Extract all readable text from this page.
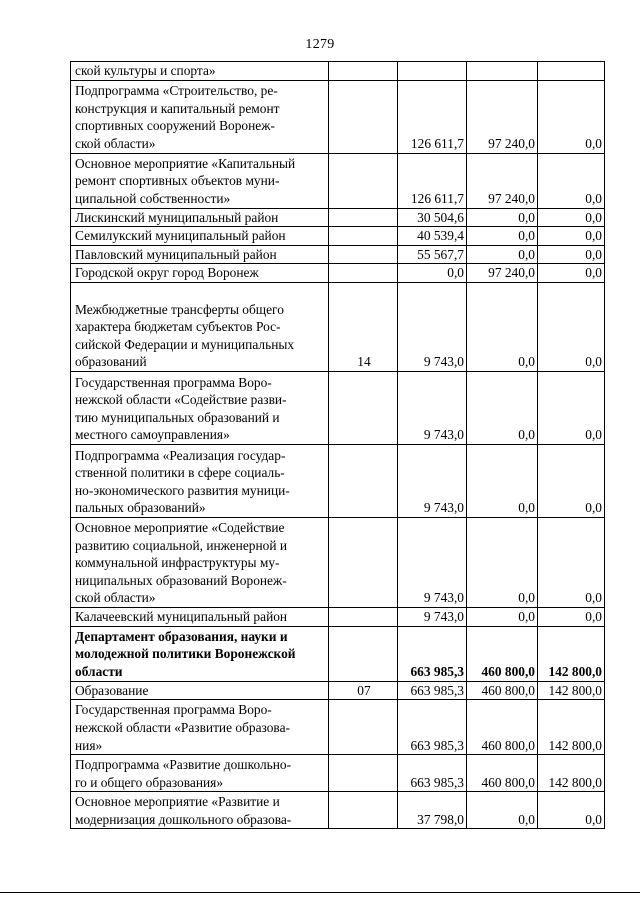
1279
ской культуры и спорта»				
Подпрограмма «Строительство, ре-
конструкция и капитальный ремонт
спортивных сооружений Воронеж-
ской области»		126 611,7	97 240,0	0,0
Основное мероприятие «Капитальный
ремонт спортивных объектов муни-
ципальной собственности»		126 611,7	97 240,0	0,0
Лискинский муниципальный район		30 504,6	0,0	0,0
Семилукский муниципальный район		40 539,4	0,0	0,0
Павловский муниципальный район		55 567,7	0,0	0,0
Городской округ город Воронеж		0,0	97 240,0	0,0
Межбюджетные трансферты общего
характера бюджетам субъектов Рос-
сийской Федерации и муниципальных
образований	14	9 743,0	0,0	0,0
Государственная программа Воро-
нежской области «Содействие разви-
тию муниципальных образований и
местного самоуправления»		9 743,0	0,0	0,0
Подпрограмма «Реализация государ-
ственной политики в сфере социаль-
но-экономического развития муници-
пальных образований»		9 743,0	0,0	0,0
Основное мероприятие «Содействие
развитию социальной, инженерной и
коммунальной инфраструктуры му-
ниципальных образований Воронеж-
ской области»		9 743,0	0,0	0,0
Калачеевский муниципальный район		9 743,0	0,0	0,0
Департамент образования, науки и
молодежной политики Воронежской
области		663 985,3	460 800,0	142 800,0
Образование	07	663 985,3	460 800,0	142 800,0
Государственная программа Воро-
нежской области «Развитие образова-
ния»		663 985,3	460 800,0	142 800,0
Подпрограмма «Развитие дошкольно-
го и общего образования»		663 985,3	460 800,0	142 800,0
Основное мероприятие «Развитие и
модернизация дошкольного образова-		37 798,0	0,0	0,0
